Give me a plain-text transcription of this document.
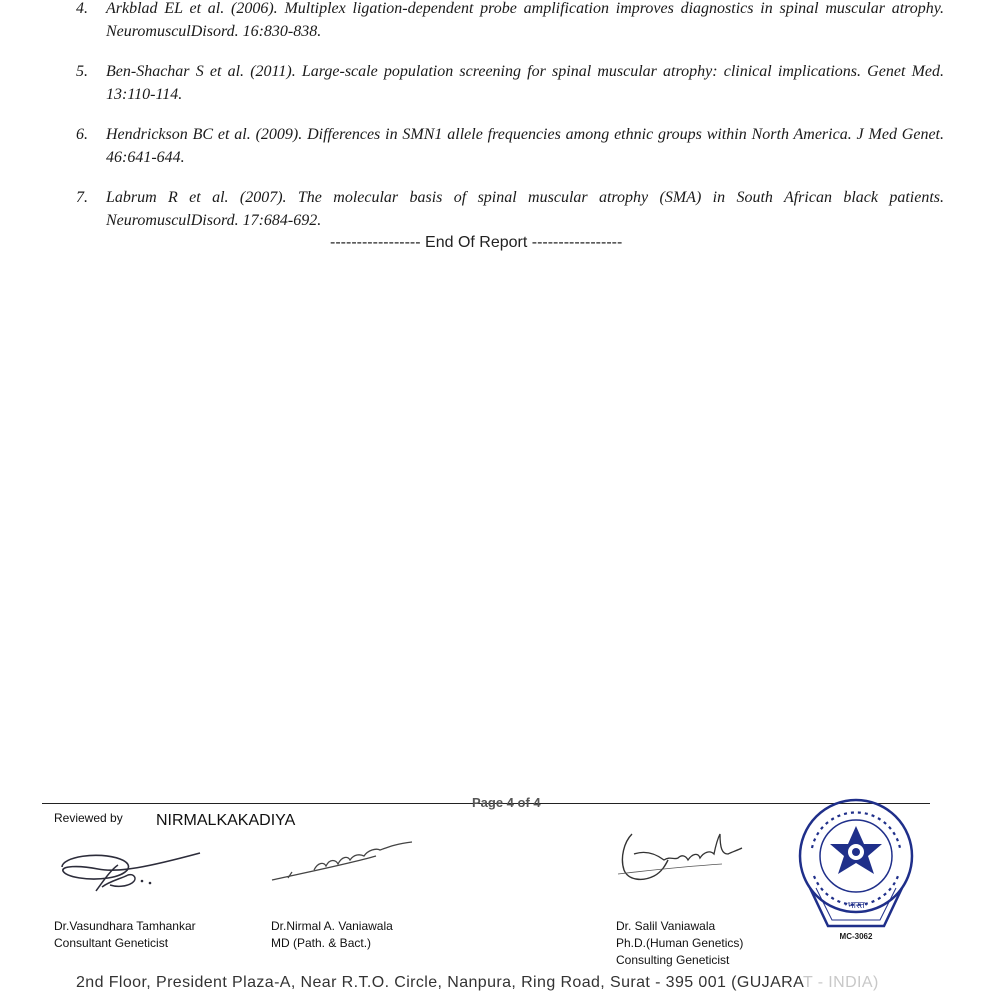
4. Arkblad EL et al. (2006). Multiplex ligation-dependent probe amplification improves diagnostics in spinal muscular atrophy. NeuromusculDisord. 16:830-838.
5. Ben-Shachar S et al. (2011). Large-scale population screening for spinal muscular atrophy: clinical implications. Genet Med. 13:110-114.
6. Hendrickson BC et al. (2009). Differences in SMN1 allele frequencies among ethnic groups within North America. J Med Genet. 46:641-644.
7. Labrum R et al. (2007). The molecular basis of spinal muscular atrophy (SMA) in South African black patients. NeuromusculDisord. 17:684-692.
----------------- End Of Report -----------------
Page 4 of 4
Reviewed by NIRMALKAKADIYA
Dr.Vasundhara Tamhankar
Consultant Geneticist
Dr.Nirmal A. Vaniawala
MD (Path. & Bact.)
Dr. Salil Vaniawala
Ph.D.(Human Genetics)
Consulting Geneticist
·भारत·
MC-3062
2nd Floor, President Plaza-A, Near R.T.O. Circle, Nanpura, Ring Road, Surat - 395 001 (GUJARAT - INDIA)
